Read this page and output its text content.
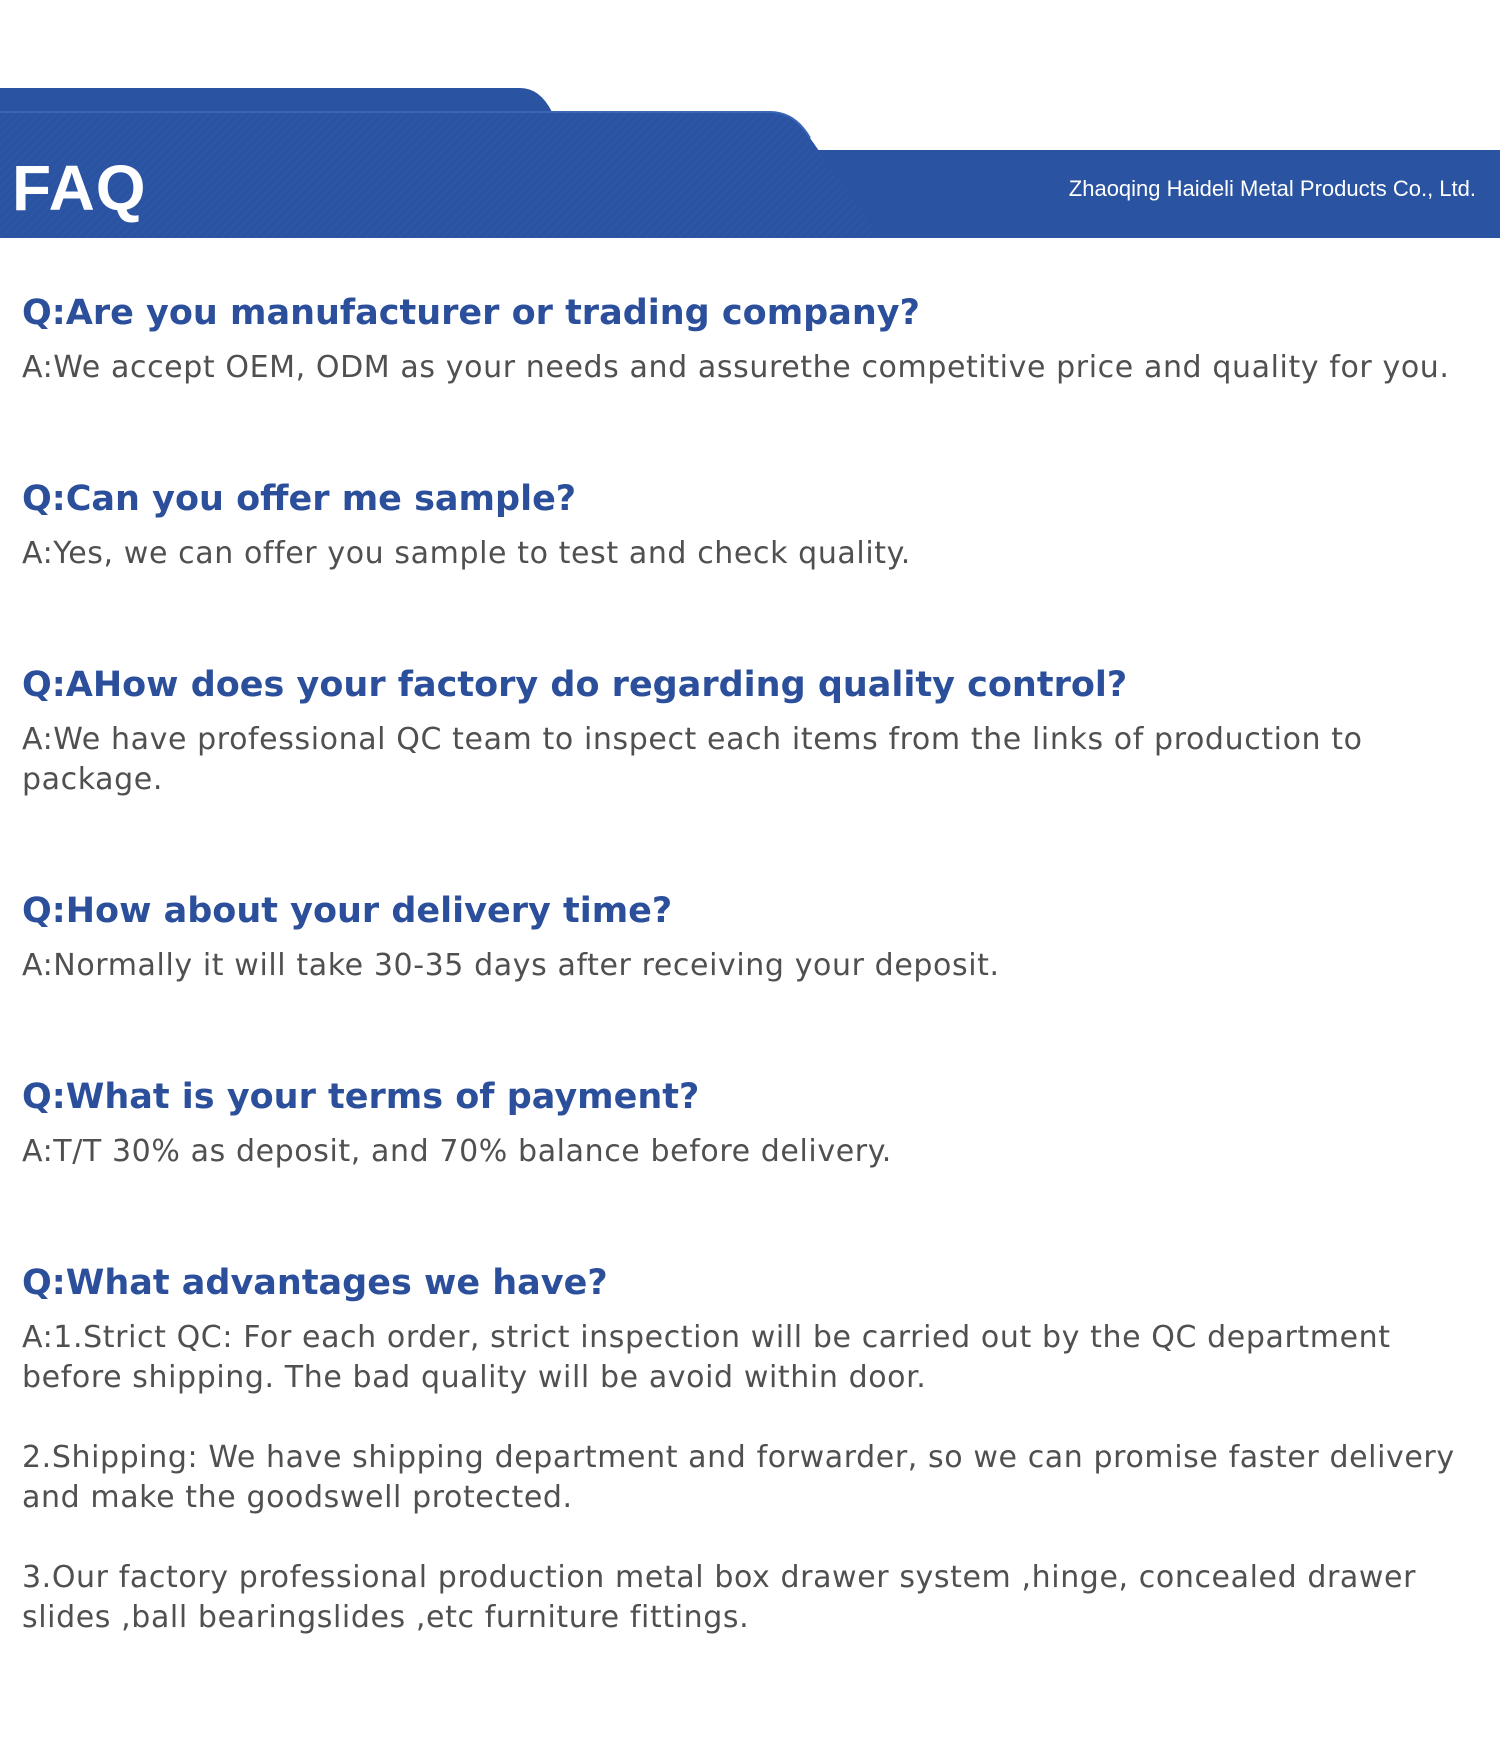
FAQ	Zhaoqing Haideli Metal Products Co., Ltd.
Q:Are you manufacturer or trading company?

A:We accept OEM, ODM as your needs and assurethe competitive price and quality for you.

Q:Can you offer me sample?

A:Yes, we can offer you sample to test and check quality.

Q:AHow does your factory do regarding quality control?

A:We have professional QC team to inspect each items from the links of production to package.

Q:How about your delivery time?

A:Normally it will take 30-35 days after receiving your deposit.

Q:What is your terms of payment?

A:T/T 30% as deposit, and 70% balance before delivery.

Q:What advantages we have?

A:1.Strict QC: For each order, strict inspection will be carried out by the QC department before shipping. The bad quality will be avoid within door.

2.Shipping: We have shipping department and forwarder, so we can promise faster delivery and make the goodswell protected.

3.Our factory professional production metal box drawer system ,hinge, concealed drawer slides ,ball bearingslides ,etc furniture fittings.
